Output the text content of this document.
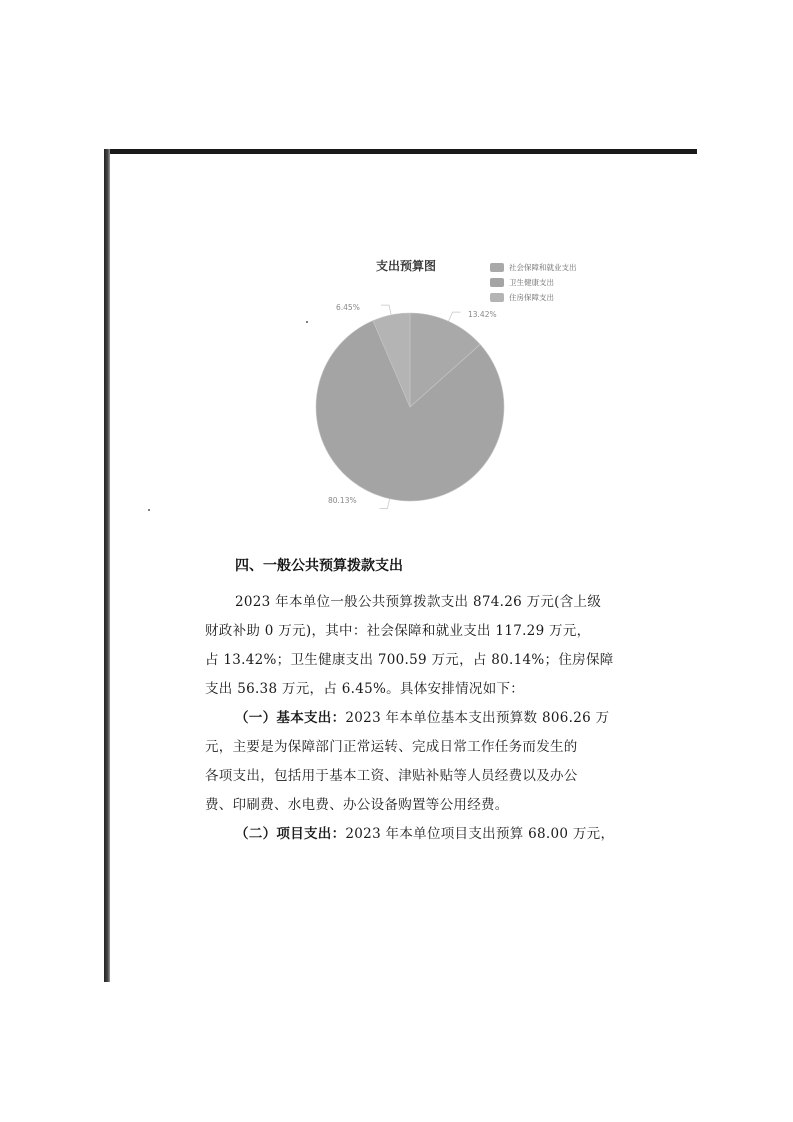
支出预算图	社会保障和就业支出
卫生健康支出
住房保障支出
6.45%
13.42%
80.13%
四、一般公共预算拨款支出
2023 年本单位一般公共预算拨款支出 874.26 万元(含上级
财政补助 0 万元)，其中：社会保障和就业支出 117.29 万元，
占 13.42%；卫生健康支出 700.59 万元，占 80.14%；住房保障
支出 56.38 万元，占 6.45%。具体安排情况如下：
（一）基本支出：2023 年本单位基本支出预算数 806.26 万
元，主要是为保障部门正常运转、完成日常工作任务而发生的
各项支出，包括用于基本工资、津贴补贴等人员经费以及办公
费、印刷费、水电费、办公设备购置等公用经费。
（二）项目支出：2023 年本单位项目支出预算 68.00 万元，
